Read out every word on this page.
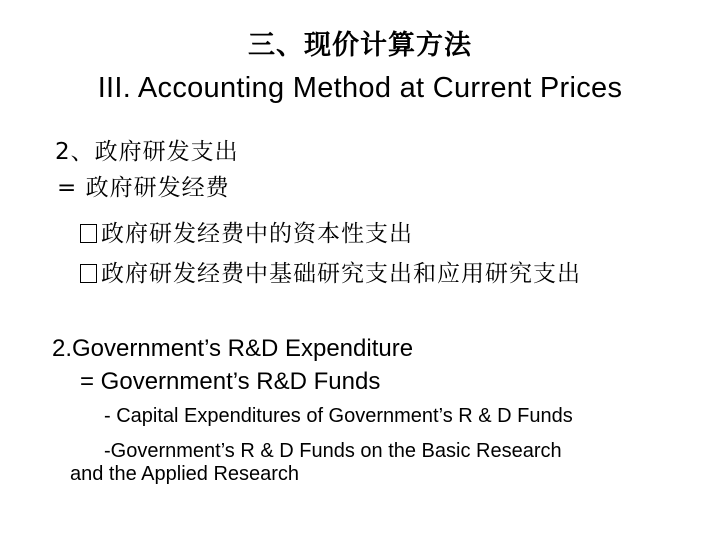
三、现价计算方法
III. Accounting Method at Current Prices
2、政府研发支出
= 政府研发经费
政府研发经费中的资本性支出
政府研发经费中基础研究支出和应用研究支出
2.Government’s R&D Expenditure
= Government’s R&D Funds
- Capital Expenditures of Government’s R & D Funds
-Government’s R & D Funds on the Basic Research
and the Applied Research
